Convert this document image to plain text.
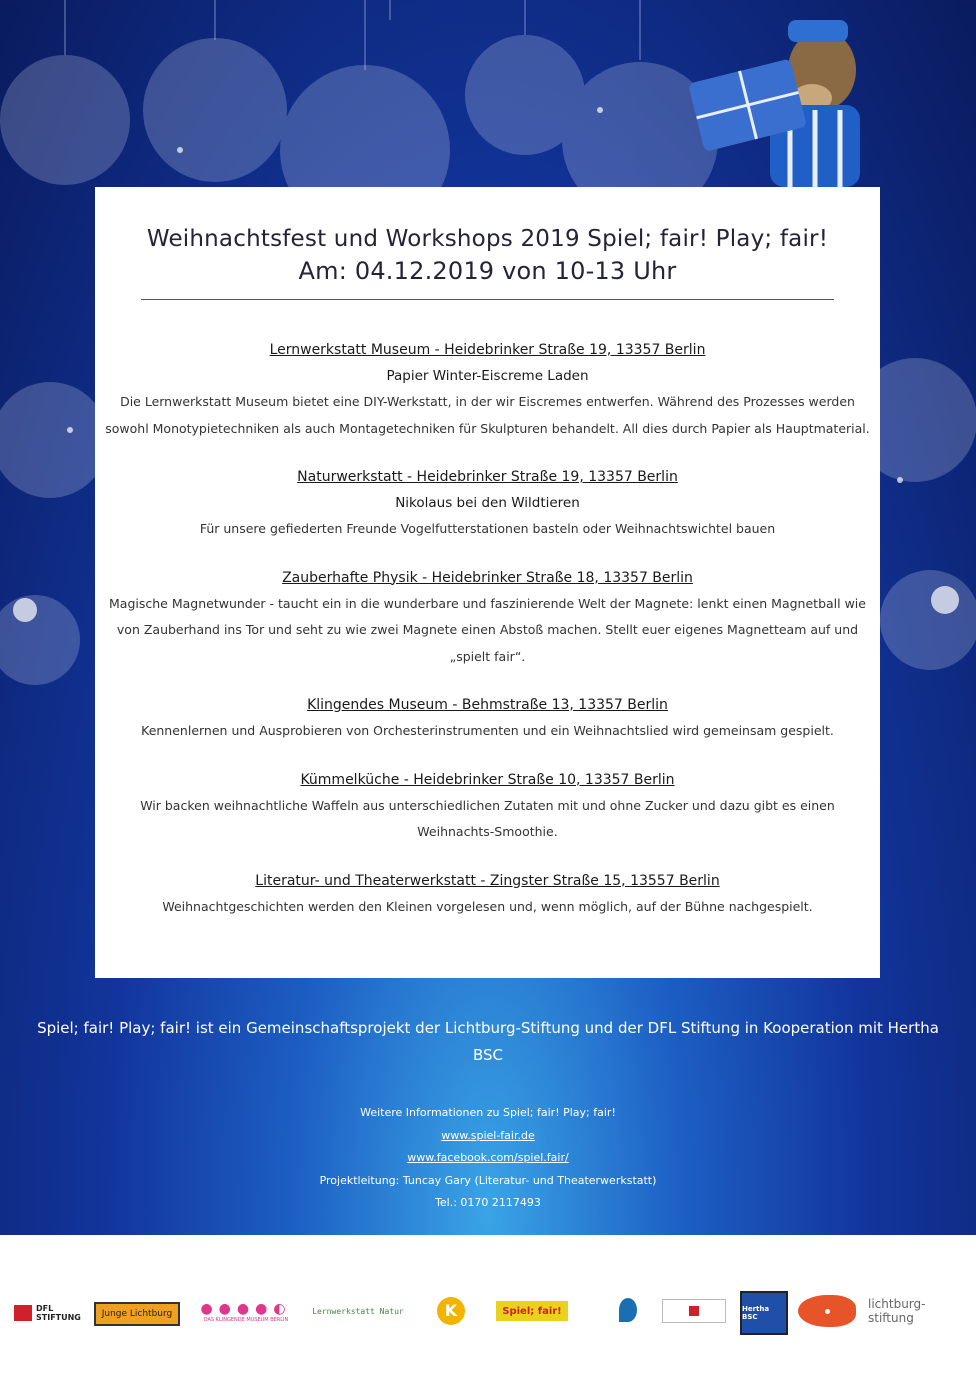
Weihnachtsfest und Workshops 2019 Spiel; fair! Play; fair!
Am: 04.12.2019 von 10-13 Uhr
Lernwerkstatt Museum - Heidebrinker Straße 19, 13357 Berlin
Papier Winter-Eiscreme Laden
Die Lernwerkstatt Museum bietet eine DIY-Werkstatt, in der wir Eiscremes entwerfen. Während des Prozesses werden sowohl Monotypietechniken als auch Montagetechniken für Skulpturen behandelt. All dies durch Papier als Hauptmaterial.
Naturwerkstatt - Heidebrinker Straße 19, 13357 Berlin
Nikolaus bei den Wildtieren
Für unsere gefiederten Freunde Vogelfutterstationen basteln oder Weihnachtswichtel bauen
Zauberhafte Physik - Heidebrinker Straße 18, 13357 Berlin
Magische Magnetwunder - taucht ein in die wunderbare und faszinierende Welt der Magnete: lenkt einen Magnetball wie von Zauberhand ins Tor und seht zu wie zwei Magnete einen Abstoß machen. Stellt euer eigenes Magnetteam auf und „spielt fair“.
Klingendes Museum - Behmstraße 13, 13357 Berlin
Kennenlernen und Ausprobieren von Orchesterinstrumenten und ein Weihnachtslied wird gemeinsam gespielt.
Kümmelküche - Heidebrinker Straße 10, 13357 Berlin
Wir backen weihnachtliche Waffeln aus unterschiedlichen Zutaten mit und ohne Zucker und dazu gibt es einen Weihnachts-Smoothie.
Literatur- und Theaterwerkstatt - Zingster Straße 15, 13557 Berlin
Weihnachtgeschichten werden den Kleinen vorgelesen und, wenn möglich, auf der Bühne nachgespielt.
Spiel; fair! Play; fair! ist ein Gemeinschaftsprojekt der Lichtburg-Stiftung und der DFL Stiftung in Kooperation mit Hertha BSC
Weitere Informationen zu Spiel; fair! Play; fair!
www.spiel-fair.de
www.facebook.com/spiel.fair/
Projektleitung: Tuncay Gary (Literatur- und Theaterwerkstatt)
Tel.: 0170 2117493
DFL STIFTUNG Junge Lichtburg ●●●●◐
DAS KLINGENDE MUSEUM BERLIN
Lernwerkstatt Natur	K	Spiel; fair!	Hertha BSC
lichtburg-stiftung
